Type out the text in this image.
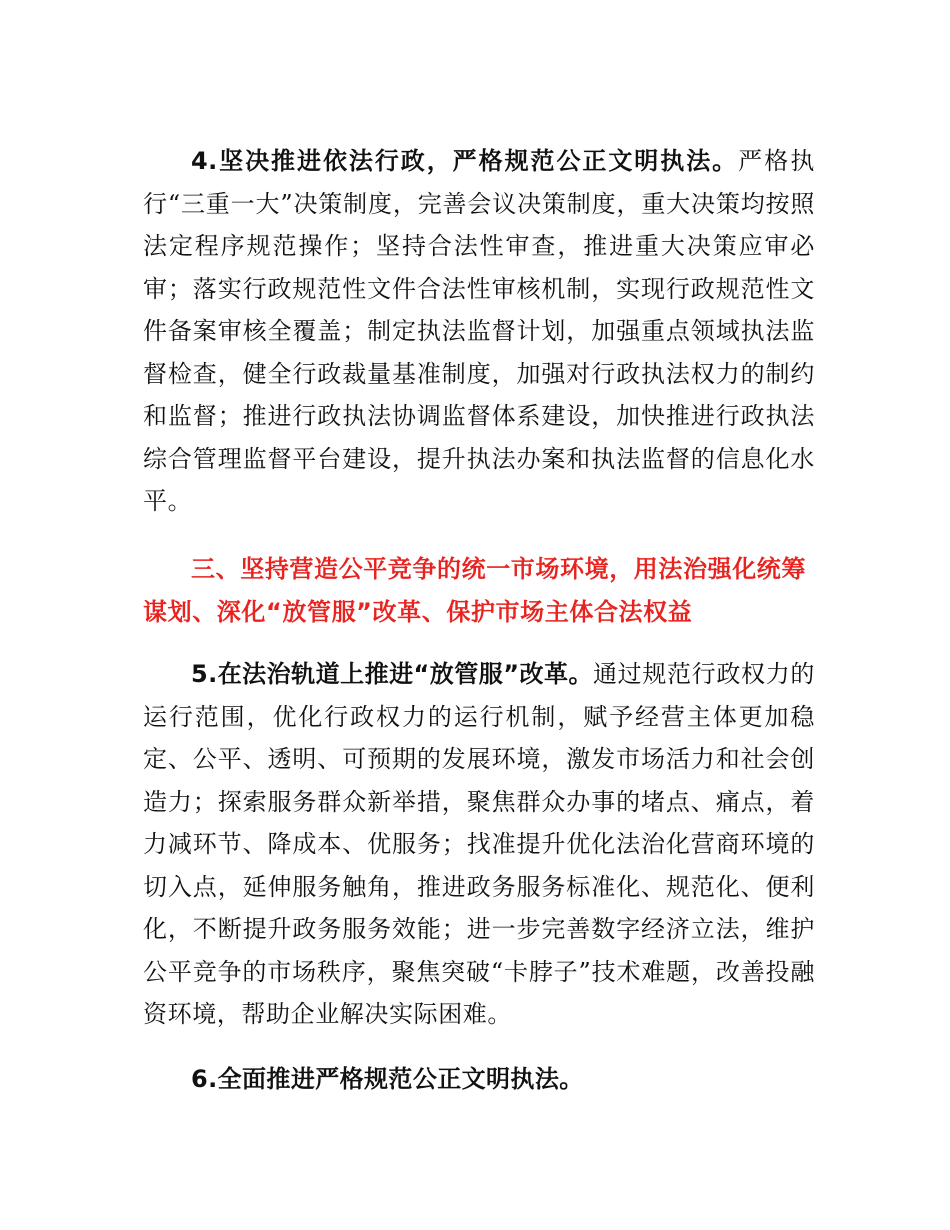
4.坚决推进依法行政，严格规范公正文明执法。严格执行“三重一大”决策制度，完善会议决策制度，重大决策均按照法定程序规范操作；坚持合法性审查，推进重大决策应审必审；落实行政规范性文件合法性审核机制，实现行政规范性文件备案审核全覆盖；制定执法监督计划，加强重点领域执法监督检查，健全行政裁量基准制度，加强对行政执法权力的制约和监督；推进行政执法协调监督体系建设，加快推进行政执法综合管理监督平台建设，提升执法办案和执法监督的信息化水平。

三、坚持营造公平竞争的统一市场环境，用法治强化统筹谋划、深化“放管服”改革、保护市场主体合法权益

5.在法治轨道上推进“放管服”改革。通过规范行政权力的运行范围，优化行政权力的运行机制，赋予经营主体更加稳定、公平、透明、可预期的发展环境，激发市场活力和社会创造力；探索服务群众新举措，聚焦群众办事的堵点、痛点，着力减环节、降成本、优服务；找准提升优化法治化营商环境的切入点，延伸服务触角，推进政务服务标准化、规范化、便利化，不断提升政务服务效能；进一步完善数字经济立法，维护公平竞争的市场秩序，聚焦突破“卡脖子”技术难题，改善投融资环境，帮助企业解决实际困难。

6.全面推进严格规范公正文明执法。
